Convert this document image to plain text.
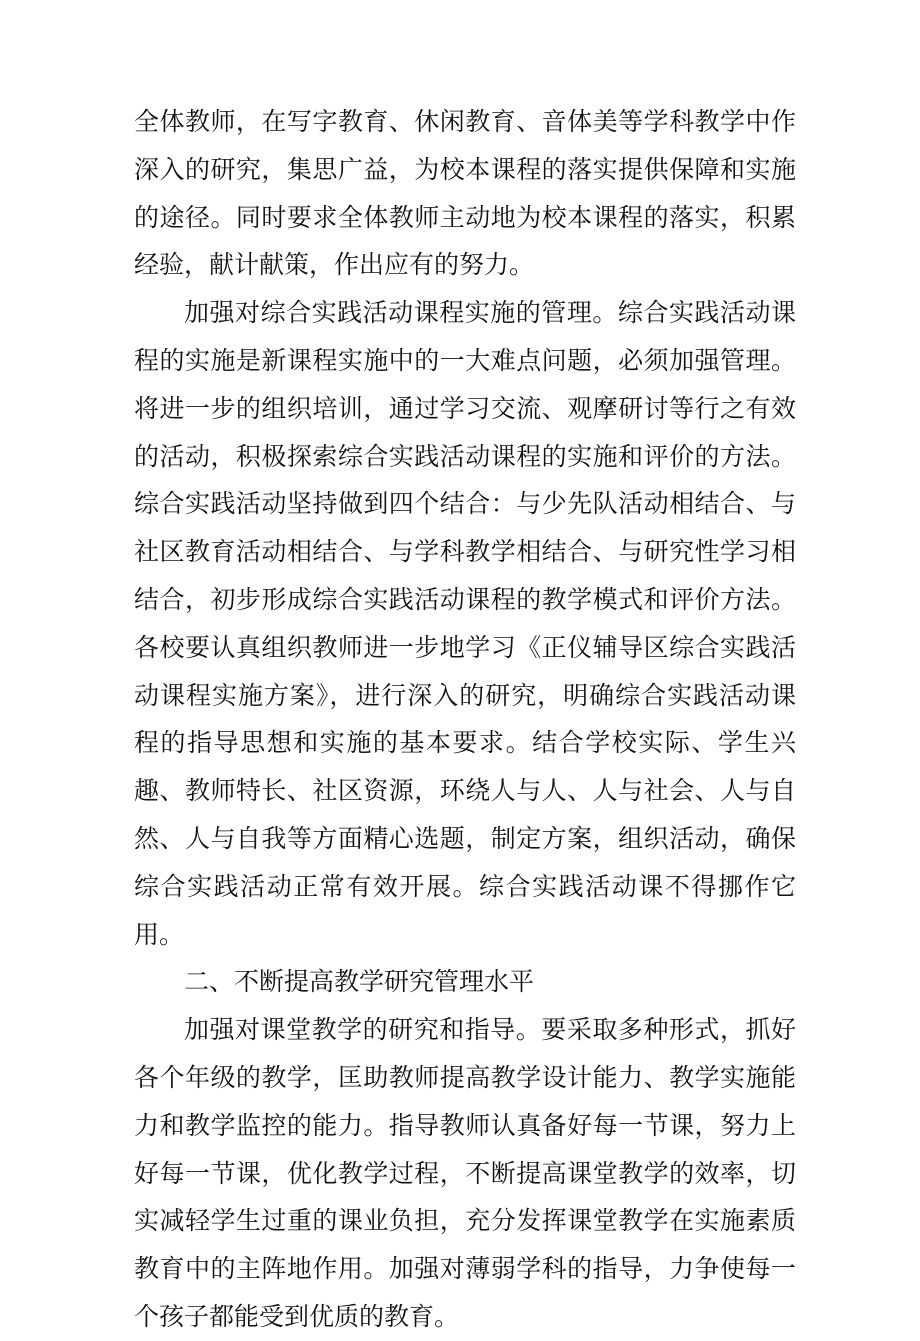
全体教师，在写字教育、休闲教育、音体美等学科教学中作深入的研究，集思广益，为校本课程的落实提供保障和实施的途径。同时要求全体教师主动地为校本课程的落实，积累经验，献计献策，作出应有的努力。

加强对综合实践活动课程实施的管理。综合实践活动课程的实施是新课程实施中的一大难点问题，必须加强管理。将进一步的组织培训，通过学习交流、观摩研讨等行之有效的活动，积极探索综合实践活动课程的实施和评价的方法。综合实践活动坚持做到四个结合：与少先队活动相结合、与社区教育活动相结合、与学科教学相结合、与研究性学习相结合，初步形成综合实践活动课程的教学模式和评价方法。各校要认真组织教师进一步地学习《正仪辅导区综合实践活动课程实施方案》，进行深入的研究，明确综合实践活动课程的指导思想和实施的基本要求。结合学校实际、学生兴趣、教师特长、社区资源，环绕人与人、人与社会、人与自然、人与自我等方面精心选题，制定方案，组织活动，确保综合实践活动正常有效开展。综合实践活动课不得挪作它用。

二、不断提高教学研究管理水平

加强对课堂教学的研究和指导。要采取多种形式，抓好各个年级的教学，匡助教师提高教学设计能力、教学实施能力和教学监控的能力。指导教师认真备好每一节课，努力上好每一节课，优化教学过程，不断提高课堂教学的效率，切实减轻学生过重的课业负担，充分发挥课堂教学在实施素质教育中的主阵地作用。加强对薄弱学科的指导，力争使每一个孩子都能受到优质的教育。
